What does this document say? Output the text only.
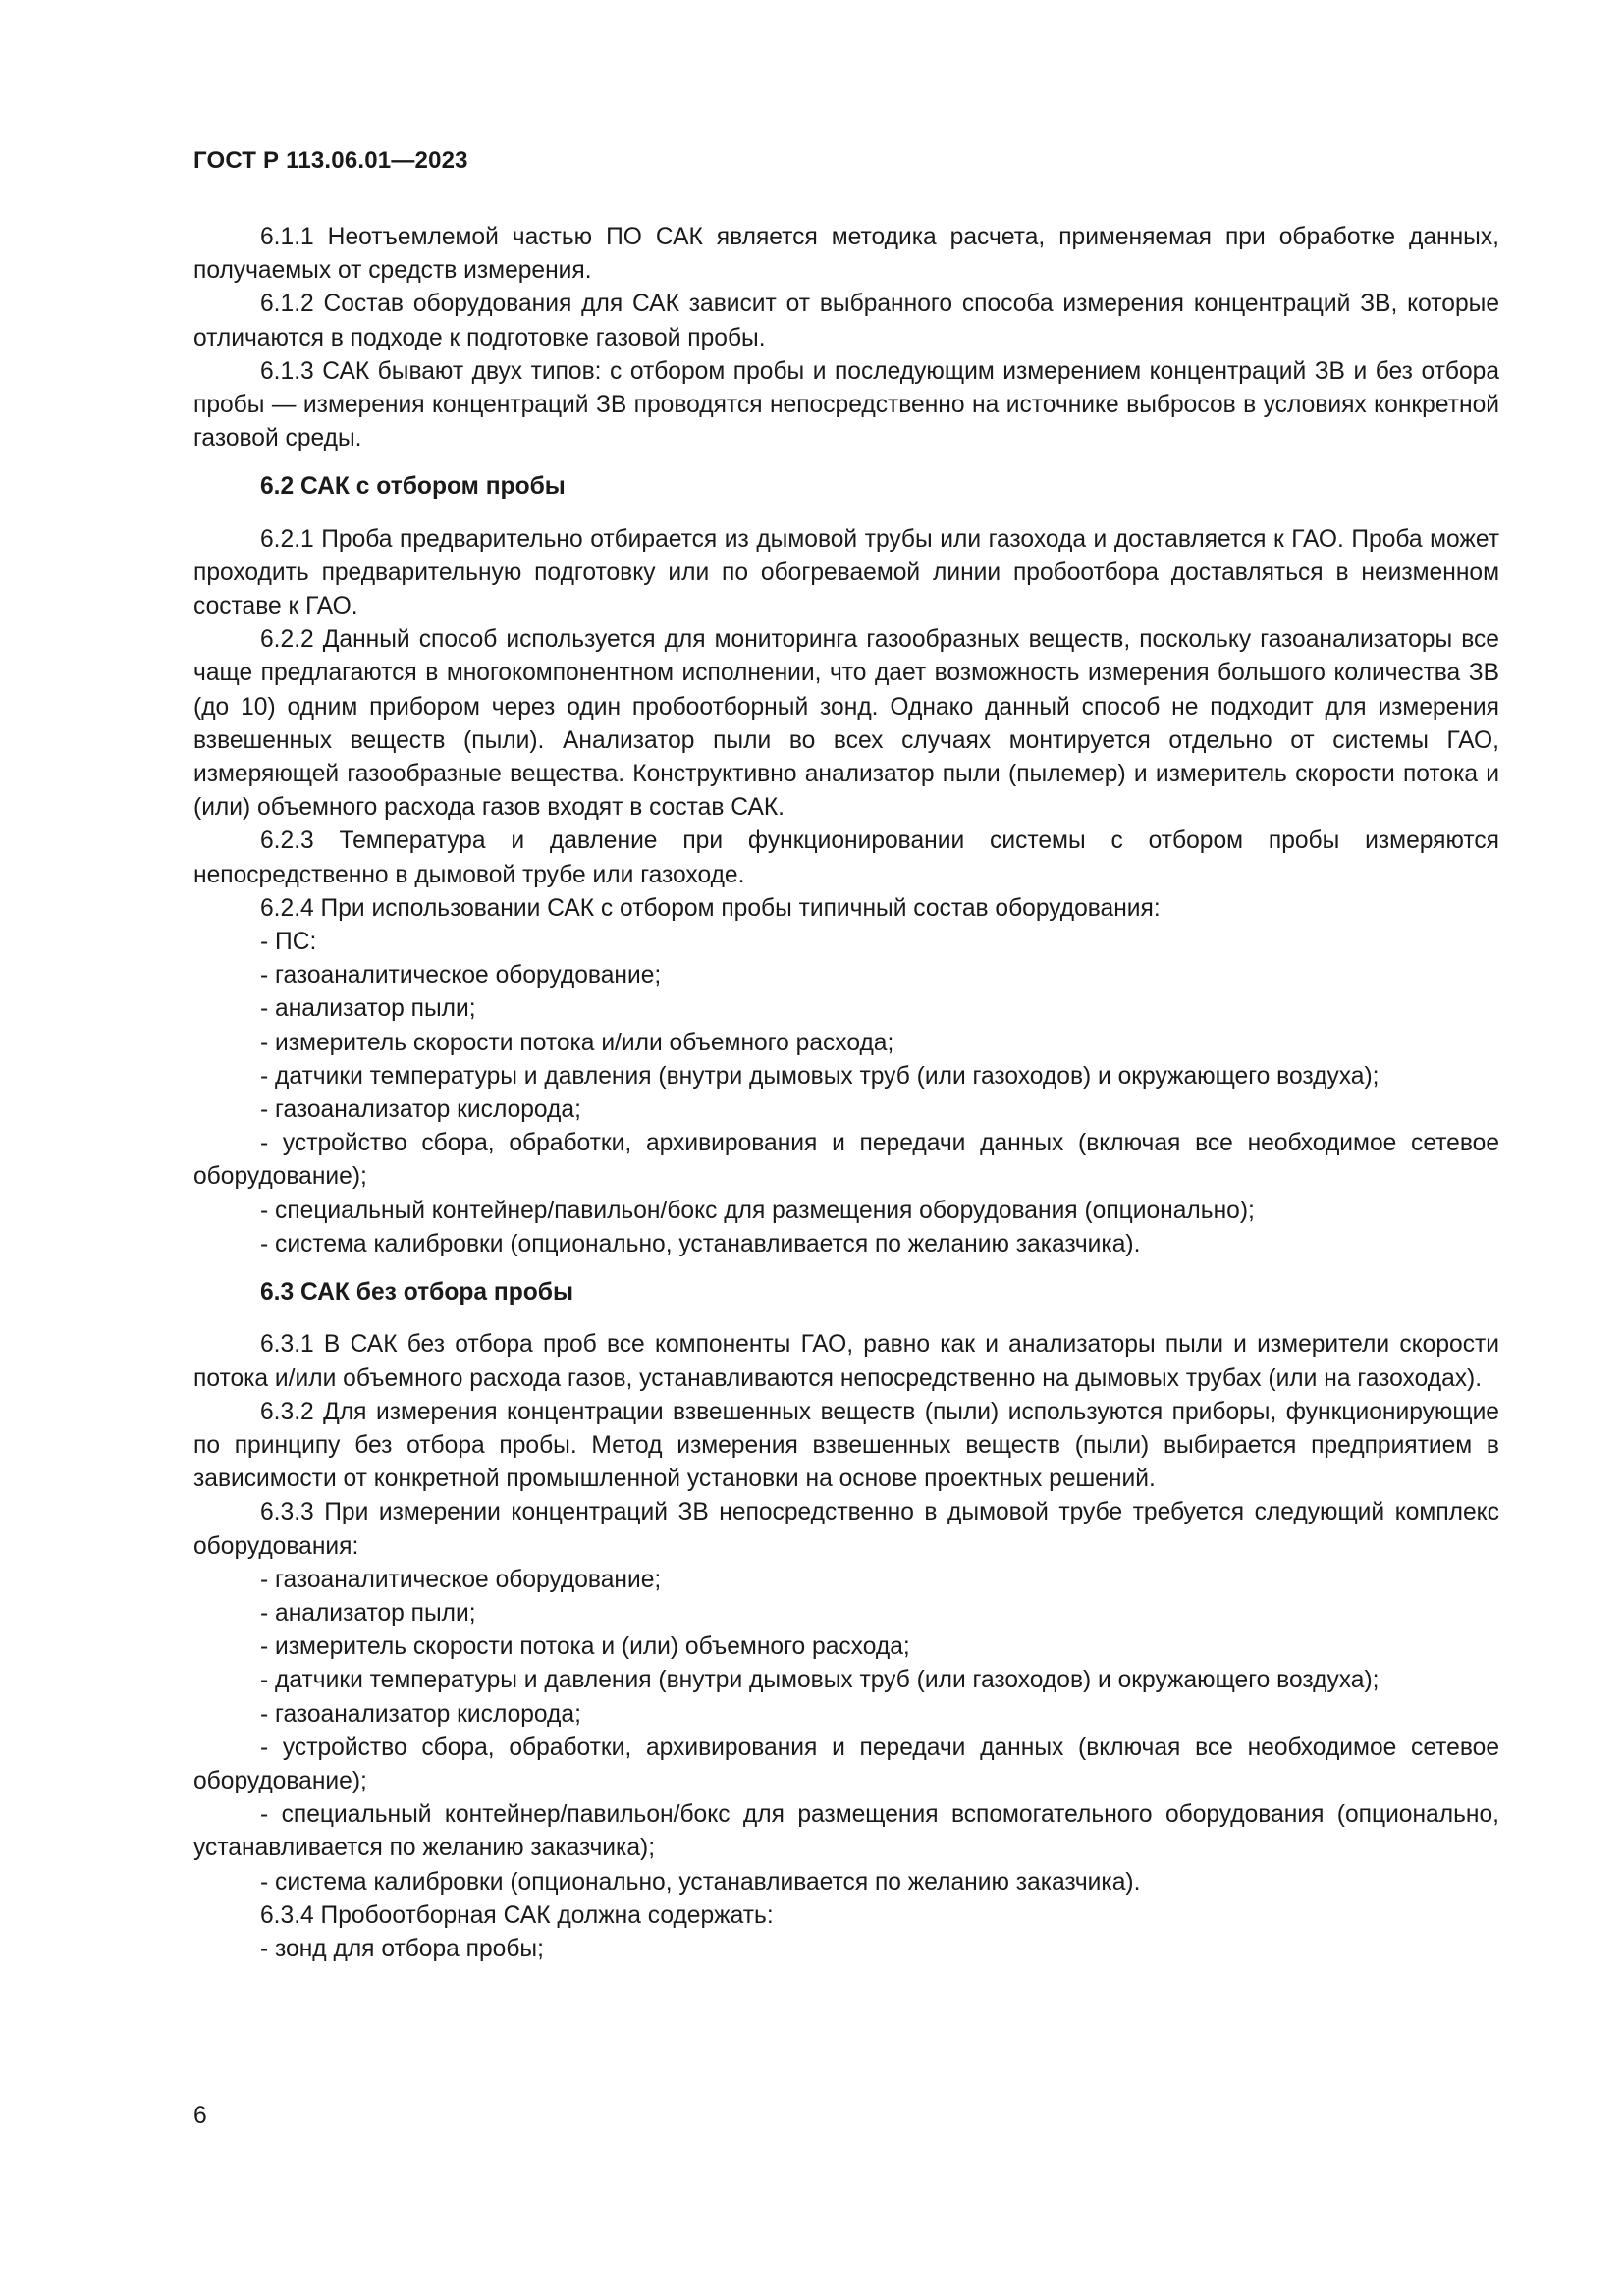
ГОСТ Р 113.06.01—2023

6.1.1 Неотъемлемой частью ПО САК является методика расчета, применяемая при обработке данных, получаемых от средств измерения.

6.1.2 Состав оборудования для САК зависит от выбранного способа измерения концентраций ЗВ, которые отличаются в подходе к подготовке газовой пробы.

6.1.3 САК бывают двух типов: с отбором пробы и последующим измерением концентраций ЗВ и без отбора пробы — измерения концентраций ЗВ проводятся непосредственно на источнике выбросов в условиях конкретной газовой среды.

6.2 САК с отбором пробы

6.2.1 Проба предварительно отбирается из дымовой трубы или газохода и доставляется к ГАО. Проба может проходить предварительную подготовку или по обогреваемой линии пробоотбора доставляться в неизменном составе к ГАО.

6.2.2 Данный способ используется для мониторинга газообразных веществ, поскольку газоанализаторы все чаще предлагаются в многокомпонентном исполнении, что дает возможность измерения большого количества ЗВ (до 10) одним прибором через один пробоотборный зонд. Однако данный способ не подходит для измерения взвешенных веществ (пыли). Анализатор пыли во всех случаях монтируется отдельно от системы ГАО, измеряющей газообразные вещества. Конструктивно анализатор пыли (пылемер) и измеритель скорости потока и (или) объемного расхода газов входят в состав САК.

6.2.3 Температура и давление при функционировании системы с отбором пробы измеряются непосредственно в дымовой трубе или газоходе.

6.2.4 При использовании САК с отбором пробы типичный состав оборудования:

- ПС:

- газоаналитическое оборудование;

- анализатор пыли;

- измеритель скорости потока и/или объемного расхода;

- датчики температуры и давления (внутри дымовых труб (или газоходов) и окружающего воздуха);

- газоанализатор кислорода;

- устройство сбора, обработки, архивирования и передачи данных (включая все необходимое сетевое оборудование);

- специальный контейнер/павильон/бокс для размещения оборудования (опционально);

- система калибровки (опционально, устанавливается по желанию заказчика).

6.3 САК без отбора пробы

6.3.1 В САК без отбора проб все компоненты ГАО, равно как и анализаторы пыли и измерители скорости потока и/или объемного расхода газов, устанавливаются непосредственно на дымовых трубах (или на газоходах).

6.3.2 Для измерения концентрации взвешенных веществ (пыли) используются приборы, функционирующие по принципу без отбора пробы. Метод измерения взвешенных веществ (пыли) выбирается предприятием в зависимости от конкретной промышленной установки на основе проектных решений.

6.3.3 При измерении концентраций ЗВ непосредственно в дымовой трубе требуется следующий комплекс оборудования:

- газоаналитическое оборудование;

- анализатор пыли;

- измеритель скорости потока и (или) объемного расхода;

- датчики температуры и давления (внутри дымовых труб (или газоходов) и окружающего воздуха);

- газоанализатор кислорода;

- устройство сбора, обработки, архивирования и передачи данных (включая все необходимое сетевое оборудование);

- специальный контейнер/павильон/бокс для размещения вспомогательного оборудования (опционально, устанавливается по желанию заказчика);

- система калибровки (опционально, устанавливается по желанию заказчика).

6.3.4 Пробоотборная САК должна содержать:

- зонд для отбора пробы;

6
